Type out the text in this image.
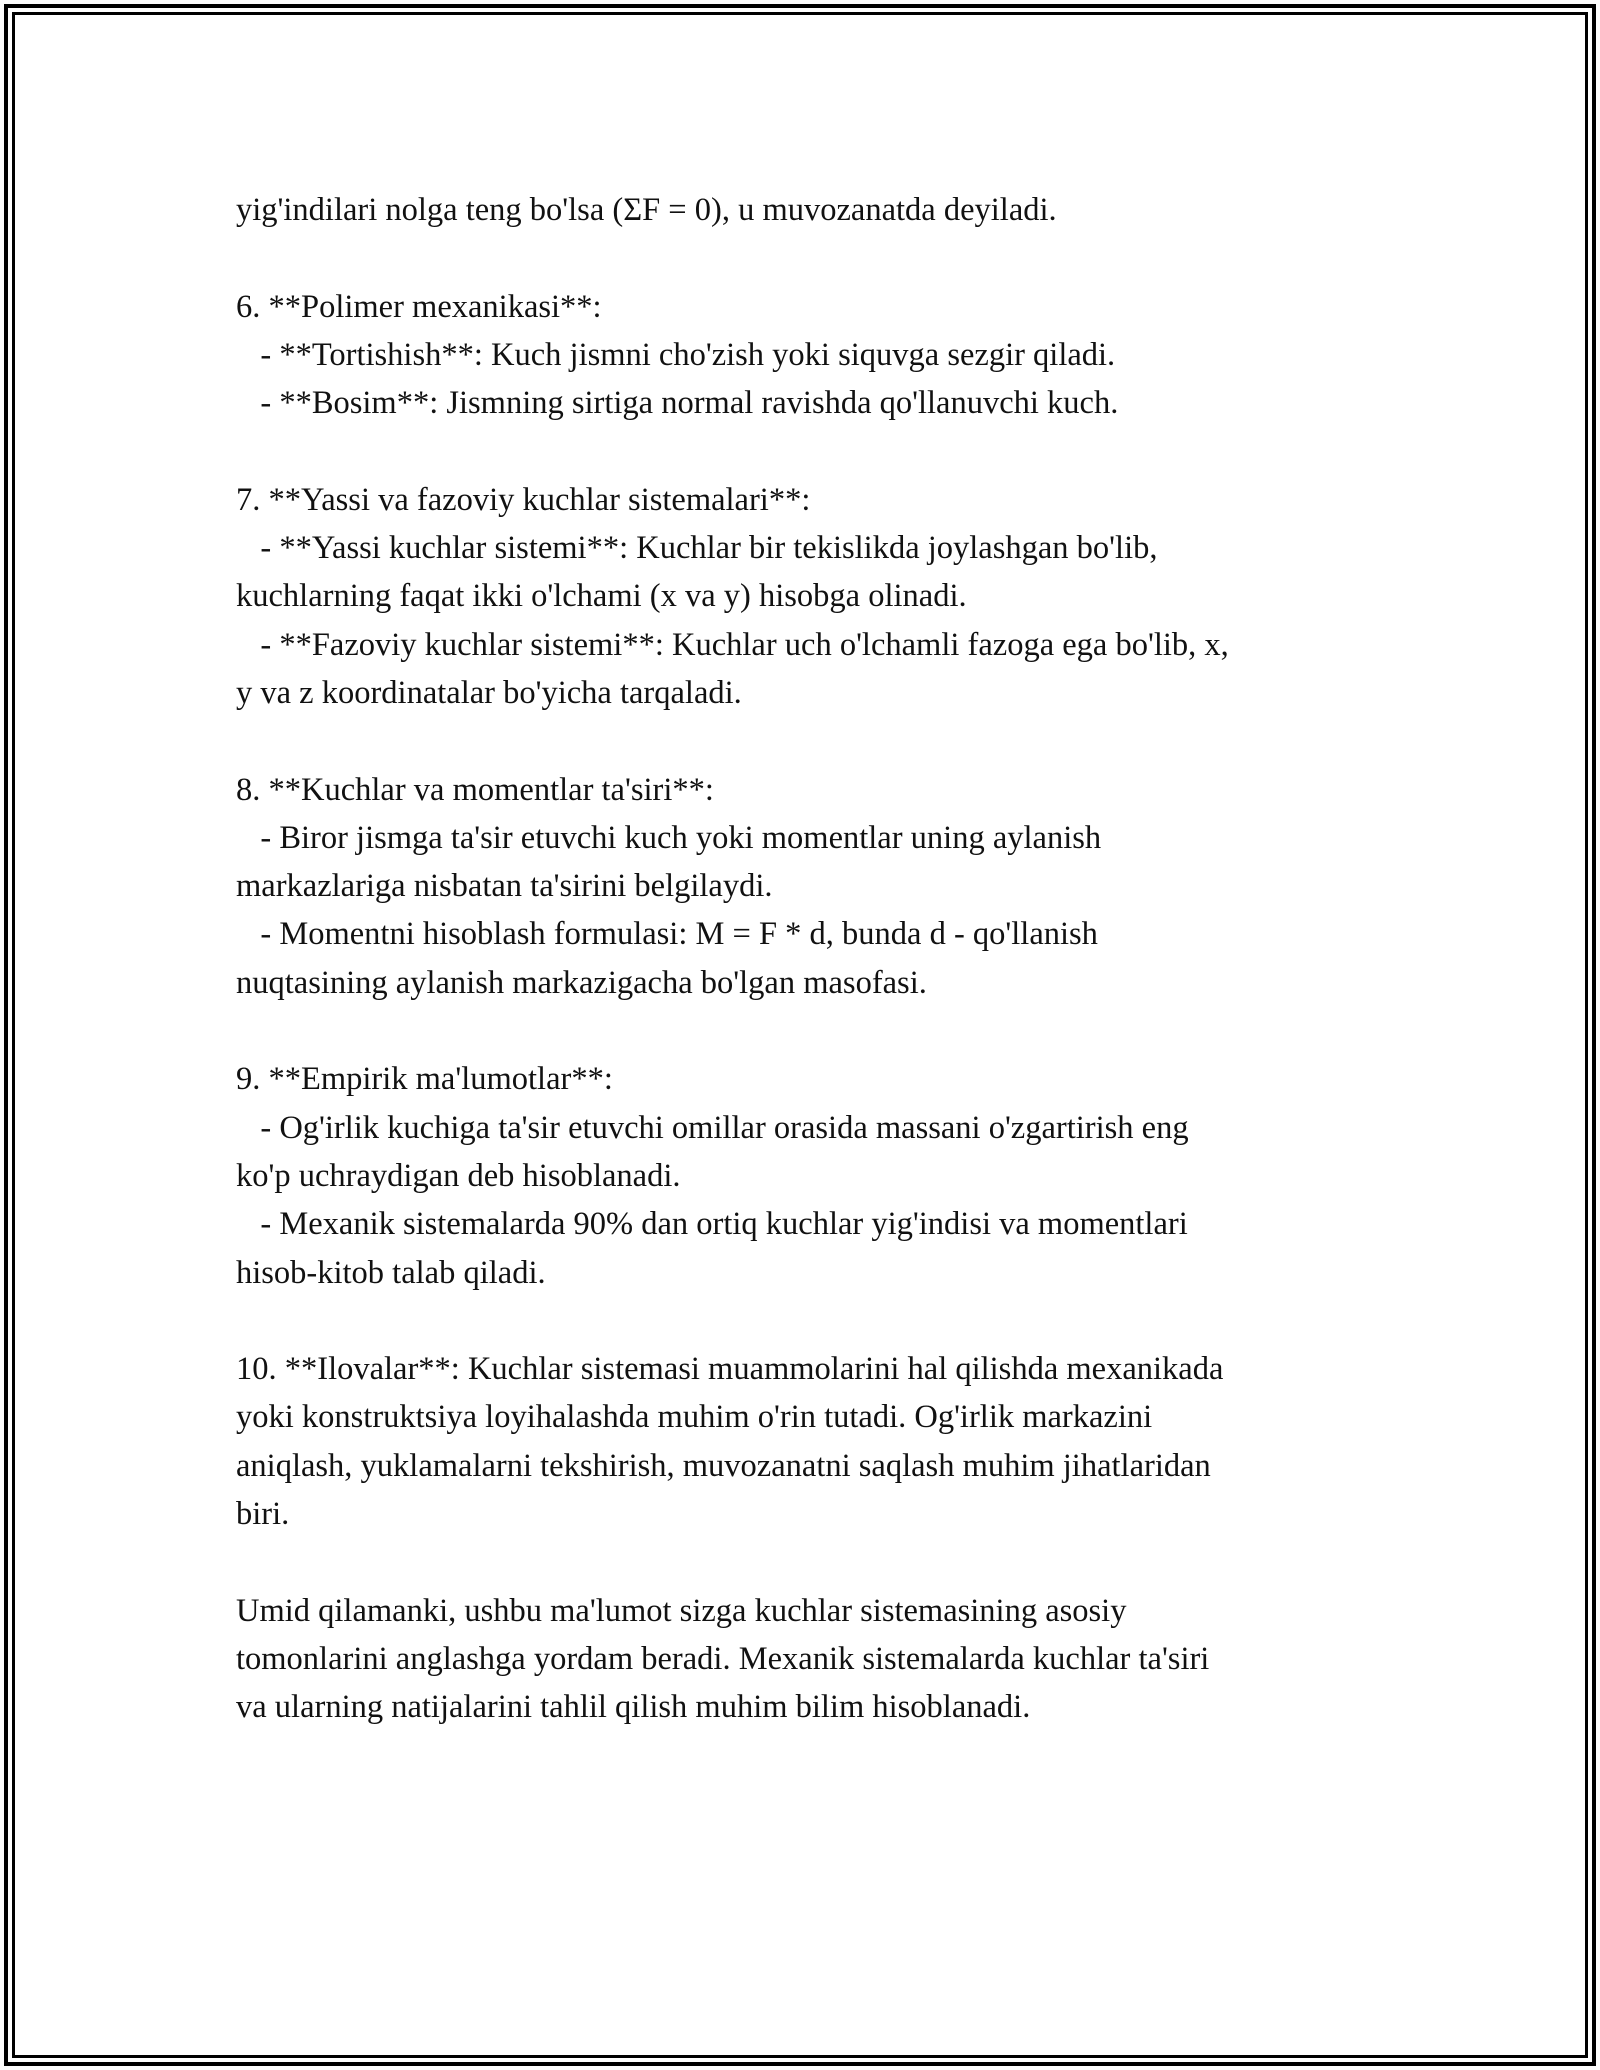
yig'indilari nolga teng bo'lsa (ΣF = 0), u muvozanatda deyiladi.
6. **Polimer mexanikasi**:
- **Tortishish**: Kuch jismni cho'zish yoki siquvga sezgir qiladi.
- **Bosim**: Jismning sirtiga normal ravishda qo'llanuvchi kuch.
7. **Yassi va fazoviy kuchlar sistemalari**:
- **Yassi kuchlar sistemi**: Kuchlar bir tekislikda joylashgan bo'lib,
kuchlarning faqat ikki o'lchami (x va y) hisobga olinadi.
- **Fazoviy kuchlar sistemi**: Kuchlar uch o'lchamli fazoga ega bo'lib, x,
y va z koordinatalar bo'yicha tarqaladi.
8. **Kuchlar va momentlar ta'siri**:
- Biror jismga ta'sir etuvchi kuch yoki momentlar uning aylanish
markazlariga nisbatan ta'sirini belgilaydi.
- Momentni hisoblash formulasi: M = F * d, bunda d - qo'llanish
nuqtasining aylanish markazigacha bo'lgan masofasi.
9. **Empirik ma'lumotlar**:
- Og'irlik kuchiga ta'sir etuvchi omillar orasida massani o'zgartirish eng
ko'p uchraydigan deb hisoblanadi.
- Mexanik sistemalarda 90% dan ortiq kuchlar yig'indisi va momentlari
hisob-kitob talab qiladi.
10. **Ilovalar**: Kuchlar sistemasi muammolarini hal qilishda mexanikada
yoki konstruktsiya loyihalashda muhim o'rin tutadi. Og'irlik markazini
aniqlash, yuklamalarni tekshirish, muvozanatni saqlash muhim jihatlaridan
biri.
Umid qilamanki, ushbu ma'lumot sizga kuchlar sistemasining asosiy
tomonlarini anglashga yordam beradi. Mexanik sistemalarda kuchlar ta'siri
va ularning natijalarini tahlil qilish muhim bilim hisoblanadi.
